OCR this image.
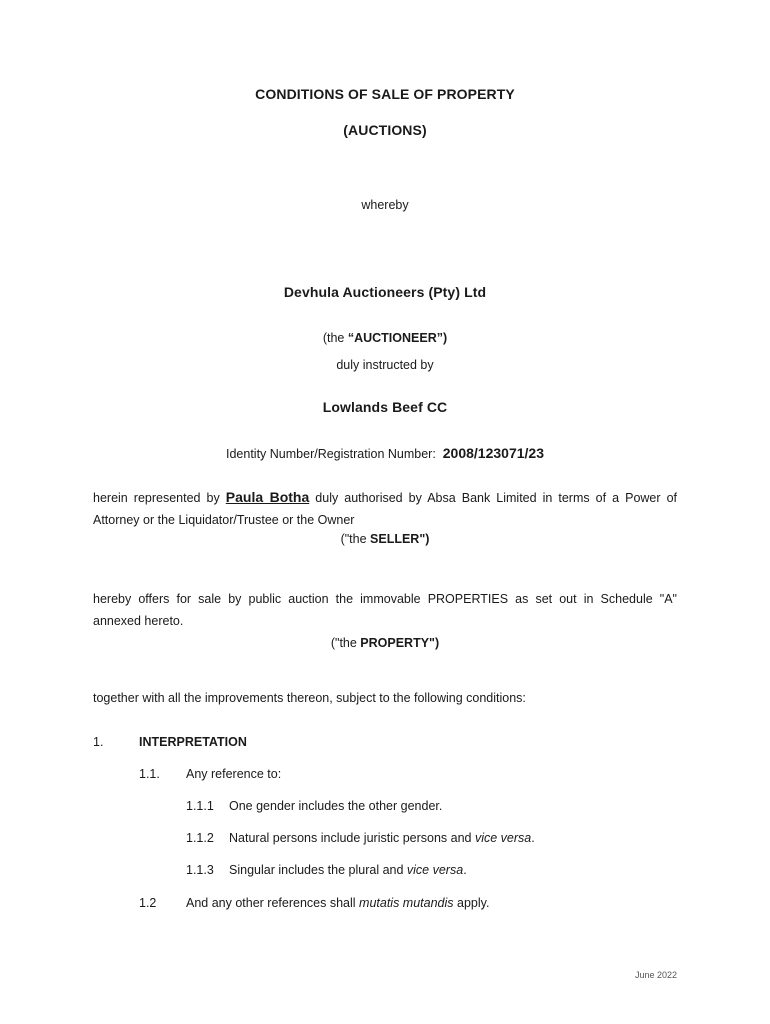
CONDITIONS OF SALE OF PROPERTY
(AUCTIONS)
whereby
Devhula Auctioneers (Pty) Ltd
(the “AUCTIONEER”)
duly instructed by
Lowlands Beef CC
Identity Number/Registration Number: 2008/123071/23
herein represented by Paula Botha duly authorised by Absa Bank Limited in terms of a Power of
Attorney or the Liquidator/Trustee or the Owner
("the SELLER")
hereby offers for sale by public auction the immovable PROPERTIES as set out in Schedule "A"
annexed hereto.
("the PROPERTY")
together with all the improvements thereon, subject to the following conditions:
1.	INTERPRETATION
1.1. Any reference to:
1.1.1 One gender includes the other gender.
1.1.2 Natural persons include juristic persons and vice versa.
1.1.3 Singular includes the plural and vice versa.
1.2 And any other references shall mutatis mutandis apply.
June 2022
